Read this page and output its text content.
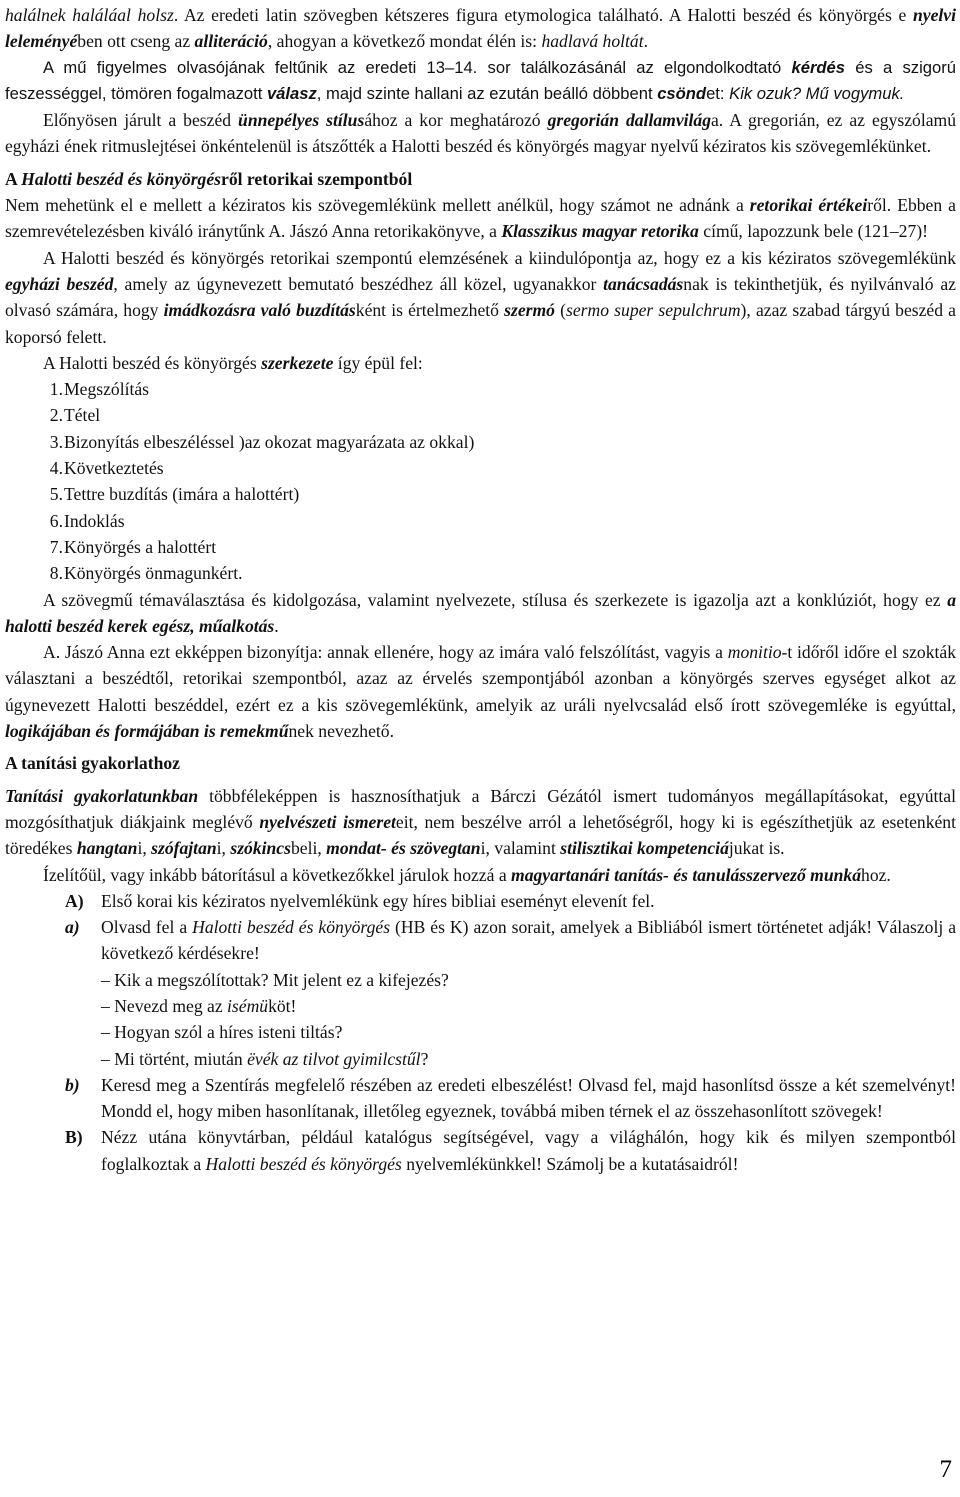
halálnek haláláal holsz. Az eredeti latin szövegben kétszeres figura etymologica található. A Halotti beszéd és könyörgés e nyelvi leleményében ott cseng az alliteráció, ahogyan a következő mondat élén is: hadlavá holtát.

A mű figyelmes olvasójának feltűnik az eredeti 13–14. sor találkozásánál az elgondolkodtató kérdés és a szigorú feszességgel, tömören fogalmazott válasz, majd szinte hallani az ezután beálló döbbent csöndet: Kik ozuk? Mű vogymuk.

Előnyösen járult a beszéd ünnepélyes stílusához a kor meghatározó gregorián dallamvilága. A gregorián, ez az egyszólamú egyházi ének ritmuslejtései önkéntelenül is átszőtték a Halotti beszéd és könyörgés magyar nyelvű kéziratos kis szövegemlékünket.

A Halotti beszéd és könyörgésről retorikai szempontból

Nem mehetünk el e mellett a kéziratos kis szövegemlékünk mellett anélkül, hogy számot ne adnánk a retorikai értékeiről. Ebben a szemrevételezésben kiváló iránytűnk A. Jászó Anna retorikakönyve, a Klasszikus magyar retorika című, lapozzunk bele (121–27)!

A Halotti beszéd és könyörgés retorikai szempontú elemzésének a kiindulópontja az, hogy ez a kis kéziratos szövegemlékünk egyházi beszéd, amely az úgynevezett bemutató beszédhez áll közel, ugyanakkor tanácsadásnak is tekinthetjük, és nyilvánvaló az olvasó számára, hogy imádkozásra való buzdításként is értelmezhető szermó (sermo super sepulchrum), azaz szabad tárgyú beszéd a koporsó felett.

A Halotti beszéd és könyörgés szerkezete így épül fel:

1. Megszólítás
2. Tétel
3. Bizonyítás elbeszéléssel )az okozat magyarázata az okkal)
4. Következtetés
5. Tettre buzdítás (imára a halottért)
6. Indoklás
7. Könyörgés a halottért
8. Könyörgés önmagunkért.

A szövegmű témaválasztása és kidolgozása, valamint nyelvezete, stílusa és szerkezete is igazolja azt a konklúziót, hogy ez a halotti beszéd kerek egész, műalkotás.

A. Jászó Anna ezt ekképpen bizonyítja: annak ellenére, hogy az imára való felszólítást, vagyis a monitio-t időről időre el szokták választani a beszédtől, retorikai szempontból, azaz az érvelés szempontjából azonban a könyörgés szerves egységet alkot az úgynevezett Halotti beszéddel, ezért ez a kis szövegemlékünk, amelyik az uráli nyelvcsalád első írott szövegemléke is egyúttal, logikájában és formájában is remekműnek nevezhető.

A tanítási gyakorlathoz

Tanítási gyakorlatunkban többféleképpen is hasznosíthatjuk a Bárczi Gézától ismert tudományos megállapításokat, egyúttal mozgósíthatjuk diákjaink meglévő nyelvészeti ismereteit, nem beszélve arról a lehetőségről, hogy ki is egészíthetjük az esetenként töredékes hangtani, szófajtani, szókincsbeli, mondat- és szövegtani, valamint stilisztikai kompetenciájukat is.

Ízelítőül, vagy inkább bátorításul a következőkkel járulok hozzá a magyartanári tanítás- és tanulásszervező munkához.

A) Első korai kis kéziratos nyelvemlékünk egy híres bibliai eseményt elevenít fel.

a) Olvasd fel a Halotti beszéd és könyörgés (HB és K) azon sorait, amelyek a Bibliából ismert történetet adják! Válaszolj a következő kérdésekre!

– Kik a megszólítottak? Mit jelent ez a kifejezés?

– Nevezd meg az isémüköt!

– Hogyan szól a híres isteni tiltás?

– Mi történt, miután ëvék az tilvot gyimilcstűl?

b) Keresd meg a Szentírás megfelelő részében az eredeti elbeszélést! Olvasd fel, majd hasonlítsd össze a két szemelvényt! Mondd el, hogy miben hasonlítanak, illetőleg egyeznek, továbbá miben térnek el az összehasonlított szövegek!

B) Nézz utána könyvtárban, például katalógus segítségével, vagy a világhálón, hogy kik és milyen szempontból foglalkoztak a Halotti beszéd és könyörgés nyelvemlékünkkel! Számolj be a kutatásaidról!

7
